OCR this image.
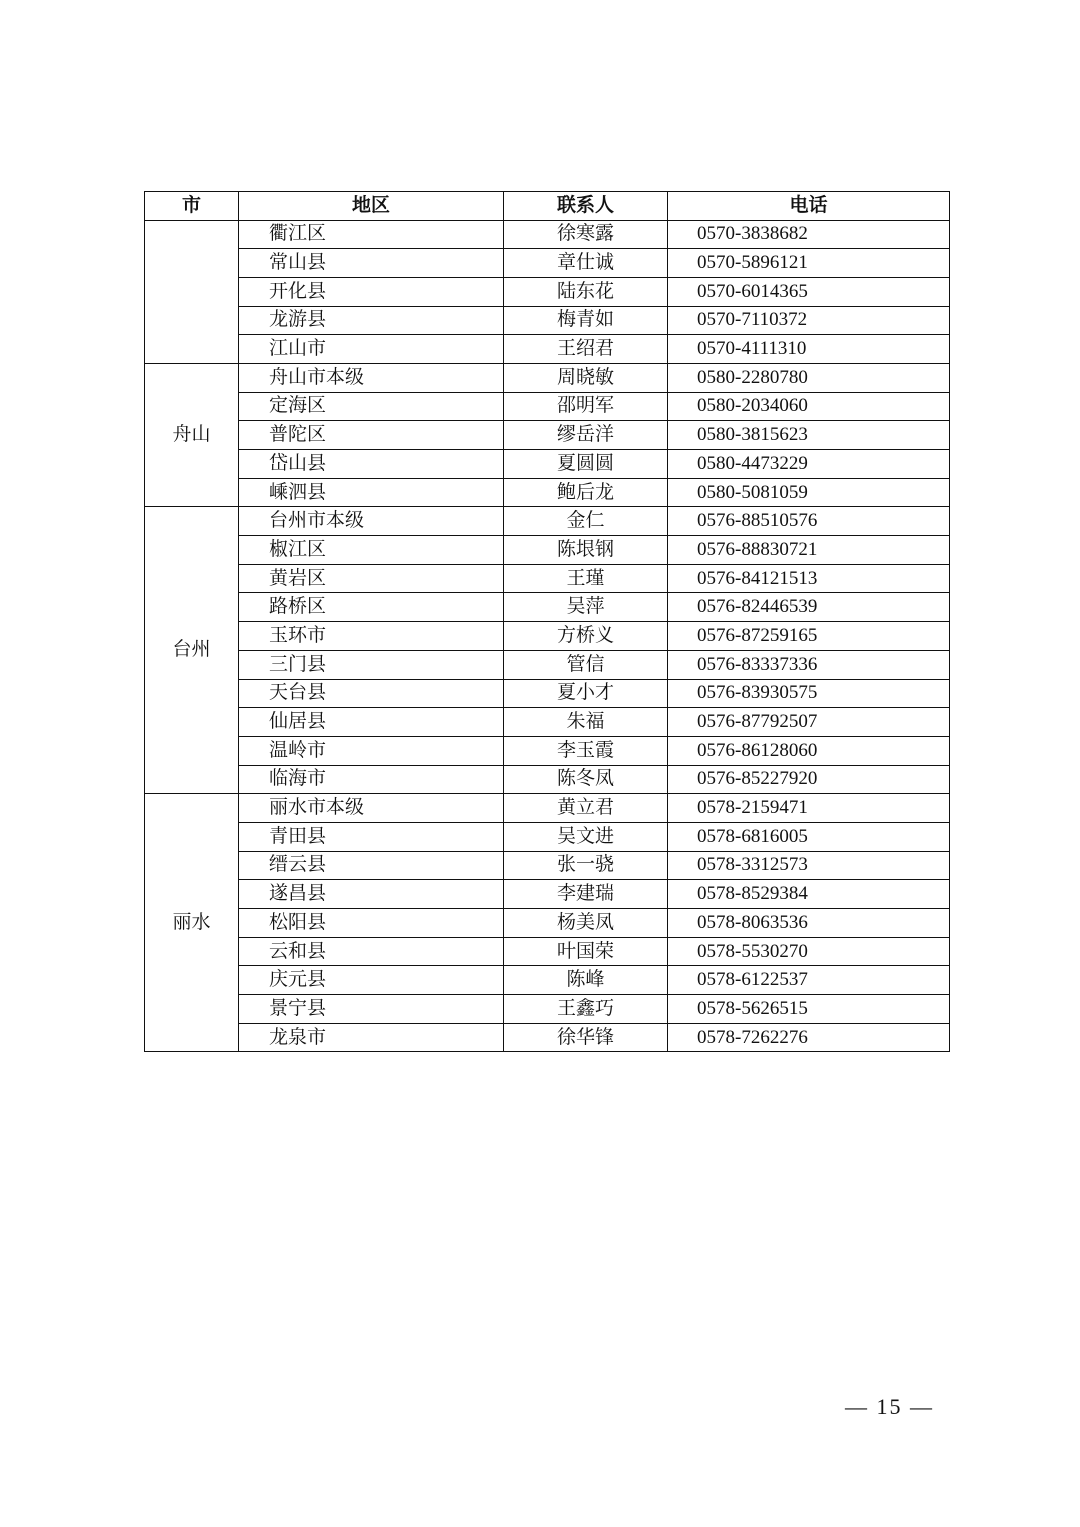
市	地区	联系人	电话
	衢江区	徐寒露	0570-3838682
	常山县	章仕诚	0570-5896121
	开化县	陆东花	0570-6014365
	龙游县	梅青如	0570-7110372
	江山市	王绍君	0570-4111310
舟山	舟山市本级	周晓敏	0580-2280780
	定海区	邵明军	0580-2034060
	普陀区	缪岳洋	0580-3815623
	岱山县	夏圆圆	0580-4473229
	嵊泗县	鲍后龙	0580-5081059
台州	台州市本级	金仁	0576-88510576
	椒江区	陈垠钢	0576-88830721
	黄岩区	王瑾	0576-84121513
	路桥区	吴萍	0576-82446539
	玉环市	方桥义	0576-87259165
	三门县	管信	0576-83337336
	天台县	夏小才	0576-83930575
	仙居县	朱福	0576-87792507
	温岭市	李玉霞	0576-86128060
	临海市	陈冬凤	0576-85227920
丽水	丽水市本级	黄立君	0578-2159471
	青田县	吴文进	0578-6816005
	缙云县	张一骁	0578-3312573
	遂昌县	李建瑞	0578-8529384
	松阳县	杨美凤	0578-8063536
	云和县	叶国荣	0578-5530270
	庆元县	陈峰	0578-6122537
	景宁县	王鑫巧	0578-5626515
	龙泉市	徐华锋	0578-7262276
— 15 —
